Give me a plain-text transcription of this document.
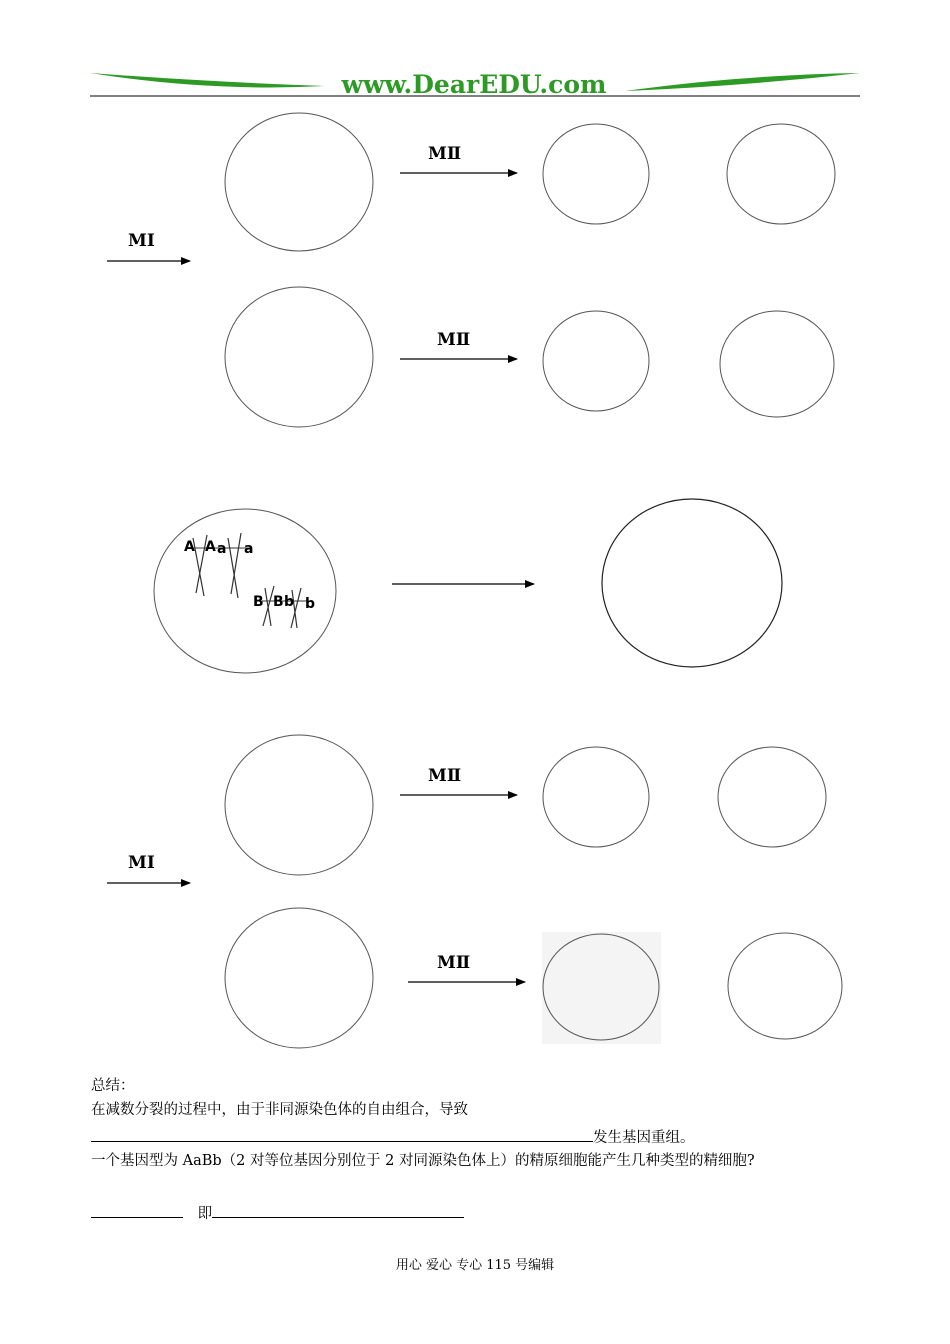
www.DearEDU.com
MⅠ
MⅡ
MⅡ
A A a a
B B b b
MⅠ
MⅡ
MⅡ
总结：
在减数分裂的过程中，由于非同源染色体的自由组合，导致
发生基因重组。
一个基因型为 AaBb（2 对等位基因分别位于 2 对同源染色体上）的精原细胞能产生几种类型的精细胞?
即
用心 爱心 专心 115 号编辑
